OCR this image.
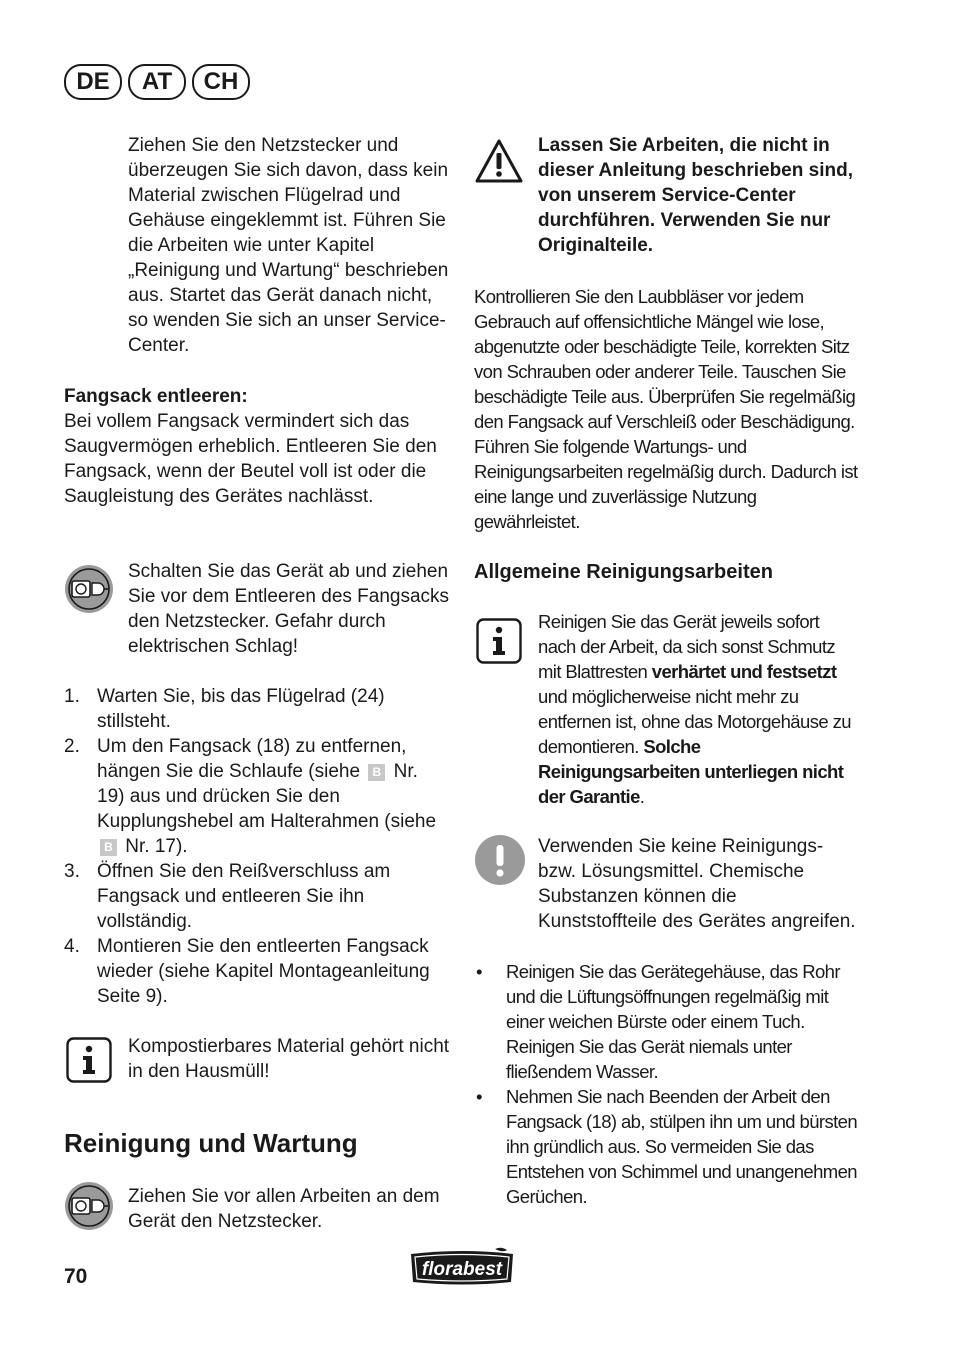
DE	AT	CH

Ziehen Sie den Netzstecker und überzeugen Sie sich davon, dass kein Material zwischen Flügelrad und Gehäuse eingeklemmt ist. Führen Sie die Arbeiten wie unter Kapitel „Reinigung und Wartung“ beschrieben aus. Startet das Gerät danach nicht, so wenden Sie sich an unser Service-Center.

Fangsack entleeren:

Bei vollem Fangsack vermindert sich das Saugvermögen erheblich. Entleeren Sie den Fangsack, wenn der Beutel voll ist oder die Saugleistung des Gerätes nachlässt.

Schalten Sie das Gerät ab und ziehen Sie vor dem Entleeren des Fangsacks den Netzstecker. Gefahr durch elektrischen Schlag!

1. Warten Sie, bis das Flügelrad (24) stillsteht.
2. Um den Fangsack (18) zu entfernen, hängen Sie die Schlaufe (siehe B Nr. 19) aus und drücken Sie den Kupplungshebel am Halterahmen (siehe B Nr. 17).
3. Öffnen Sie den Reißverschluss am Fangsack und entleeren Sie ihn vollständig.
4. Montieren Sie den entleerten Fangsack wieder (siehe Kapitel Montageanleitung Seite 9).

Kompostierbares Material gehört nicht in den Hausmüll!

Reinigung und Wartung

Ziehen Sie vor allen Arbeiten an dem Gerät den Netzstecker.

Lassen Sie Arbeiten, die nicht in dieser Anleitung beschrieben sind, von unserem Service-Center durchführen. Verwenden Sie nur Originalteile.

Kontrollieren Sie den Laubbläser vor jedem Gebrauch auf offensichtliche Mängel wie lose, abgenutzte oder beschädigte Teile, korrekten Sitz von Schrauben oder anderer Teile. Tauschen Sie beschädigte Teile aus. Überprüfen Sie regelmäßig den Fangsack auf Verschleiß oder Beschädigung. Führen Sie folgende Wartungs- und Reinigungsarbeiten regelmäßig durch. Dadurch ist eine lange und zuverlässige Nutzung gewährleistet.

Allgemeine Reinigungsarbeiten

Reinigen Sie das Gerät jeweils sofort nach der Arbeit, da sich sonst Schmutz mit Blattresten verhärtet und festsetzt und möglicherweise nicht mehr zu entfernen ist, ohne das Motorgehäuse zu demontieren. Solche Reinigungsarbeiten unterliegen nicht der Garantie.

Verwenden Sie keine Reinigungs- bzw. Lösungsmittel. Chemische Substanzen können die Kunststoffteile des Gerätes angreifen.

• Reinigen Sie das Gerätegehäuse, das Rohr und die Lüftungsöffnungen regelmäßig mit einer weichen Bürste oder einem Tuch. Reinigen Sie das Gerät niemals unter fließendem Wasser.
• Nehmen Sie nach Beenden der Arbeit den Fangsack (18) ab, stülpen ihn um und bürsten ihn gründlich aus. So vermeiden Sie das Entstehen von Schimmel und unangenehmen Gerüchen.
70	florabest
